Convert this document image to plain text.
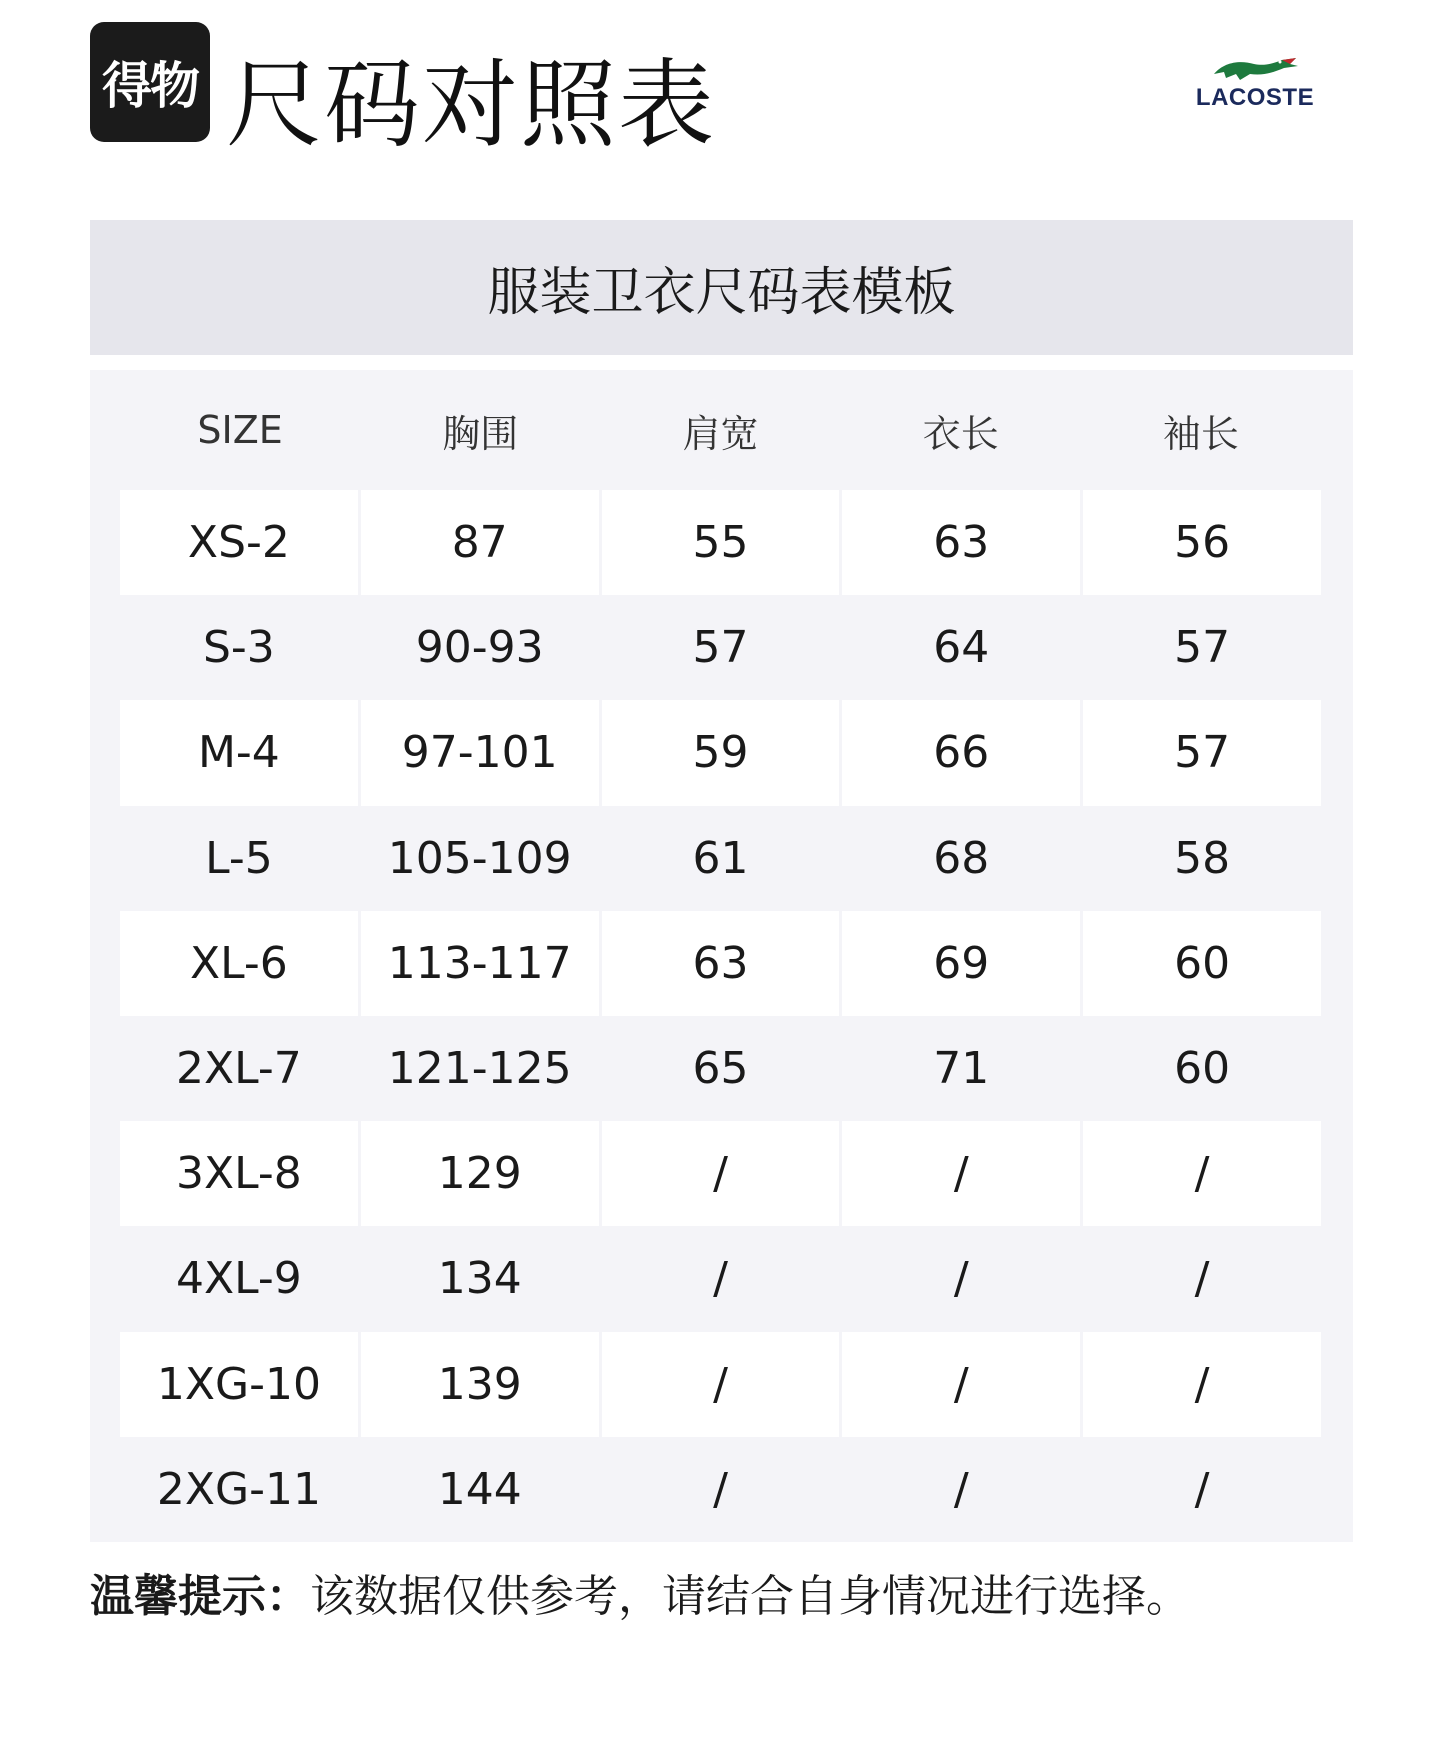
得物 尺码对照表	LACOSTE
服装卫衣尺码表模板
SIZE	胸围	肩宽	衣长	袖长
XS-2	87	55	63	56
S-3	90-93	57	64	57
M-4	97-101	59	66	57
L-5	105-109	61	68	58
XL-6	113-117	63	69	60
2XL-7	121-125	65	71	60
3XL-8	129	/	/	/
4XL-9	134	/	/	/
1XG-10	139	/	/	/
2XG-11	144	/	/	/
温馨提示：该数据仅供参考，请结合自身情况进行选择。
